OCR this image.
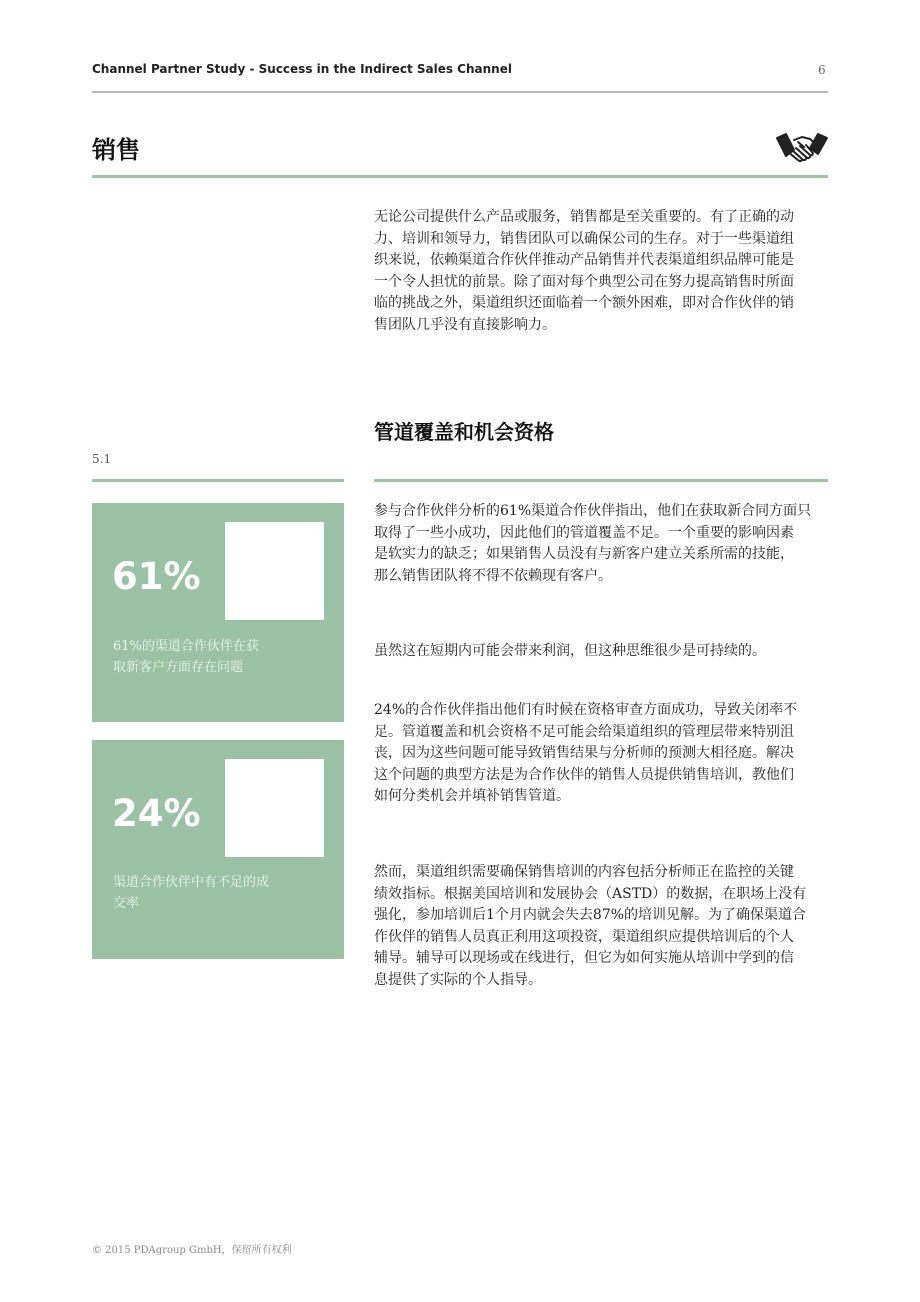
Channel Partner Study - Success in the Indirect Sales Channel	6
销售
无论公司提供什么产品或服务，销售都是至关重要的。有了正确的动
力、培训和领导力，销售团队可以确保公司的生存。对于一些渠道组
织来说，依赖渠道合作伙伴推动产品销售并代表渠道组织品牌可能是
一个令人担忧的前景。除了面对每个典型公司在努力提高销售时所面
临的挑战之外，渠道组织还面临着一个额外困难，即对合作伙伴的销
售团队几乎没有直接影响力。
管道覆盖和机会资格
5.1
61%
61%的渠道合作伙伴在获
取新客户方面存在问题
24%
渠道合作伙伴中有不足的成
交率
参与合作伙伴分析的61%渠道合作伙伴指出，他们在获取新合同方面只
取得了一些小成功，因此他们的管道覆盖不足。一个重要的影响因素
是软实力的缺乏；如果销售人员没有与新客户建立关系所需的技能，
那么销售团队将不得不依赖现有客户。
虽然这在短期内可能会带来利润，但这种思维很少是可持续的。
24%的合作伙伴指出他们有时候在资格审查方面成功，导致关闭率不
足。管道覆盖和机会资格不足可能会给渠道组织的管理层带来特别沮
丧，因为这些问题可能导致销售结果与分析师的预测大相径庭。解决
这个问题的典型方法是为合作伙伴的销售人员提供销售培训，教他们
如何分类机会并填补销售管道。
然而，渠道组织需要确保销售培训的内容包括分析师正在监控的关键
绩效指标。根据美国培训和发展协会（ASTD）的数据，在职场上没有
强化，参加培训后1个月内就会失去87%的培训见解。为了确保渠道合
作伙伴的销售人员真正利用这项投资，渠道组织应提供培训后的个人
辅导。辅导可以现场或在线进行，但它为如何实施从培训中学到的信
息提供了实际的个人指导。
© 2015 PDAgroup GmbH，保留所有权利
